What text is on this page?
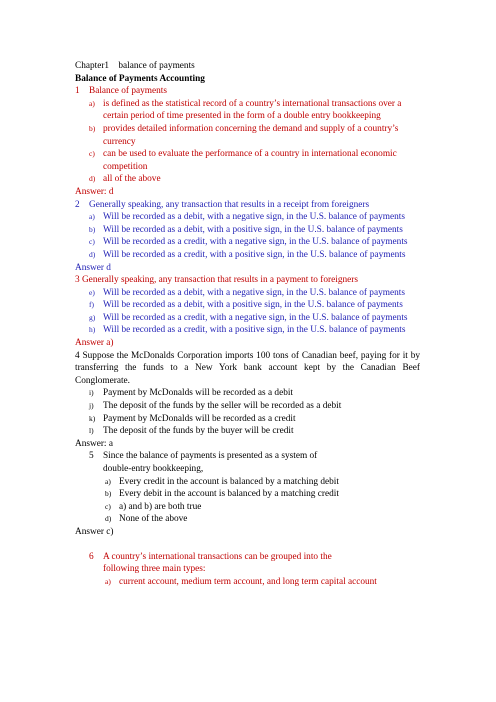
Chapter1　balance of payments
Balance of Payments Accounting
1	Balance of payments
a) is defined as the statistical record of a country’s international transactions over a certain period of time presented in the form of a double entry bookkeeping
b) provides detailed information concerning the demand and supply of a country’s currency
c) can be used to evaluate the performance of a country in international economic competition
d) all of the above
Answer: d
2	Generally speaking, any transaction that results in a receipt from foreigners
a) Will be recorded as a debit, with a negative sign, in the U.S. balance of payments
b) Will be recorded as a debit, with a positive sign, in the U.S. balance of payments
c) Will be recorded as a credit, with a negative sign, in the U.S. balance of payments
d) Will be recorded as a credit, with a positive sign, in the U.S. balance of payments
Answer d
3 Generally speaking, any transaction that results in a payment to foreigners
e) Will be recorded as a debit, with a negative sign, in the U.S. balance of payments
f) Will be recorded as a debit, with a positive sign, in the U.S. balance of payments
g) Will be recorded as a credit, with a negative sign, in the U.S. balance of payments
h) Will be recorded as a credit, with a positive sign, in the U.S. balance of payments
Answer a)
4 Suppose the McDonalds Corporation imports 100 tons of Canadian beef, paying for it by transferring the funds to a New York bank account kept by the Canadian Beef Conglomerate.
i)	Payment by McDonalds will be recorded as a debit
j)	The deposit of the funds by the seller will be recorded as a debit
k) Payment by McDonalds will be recorded as a credit
l)	The deposit of the funds by the buyer will be credit
Answer: a
5	Since the balance of payments is presented as a system of double-entry bookkeeping,
a) Every credit in the account is balanced by a matching debit
b) Every debit in the account is balanced by a matching credit
c) a) and b) are both true
d) None of the above
Answer c)
6	A country’s international transactions can be grouped into the following three main types:
a) current account, medium term account, and long term capital account
